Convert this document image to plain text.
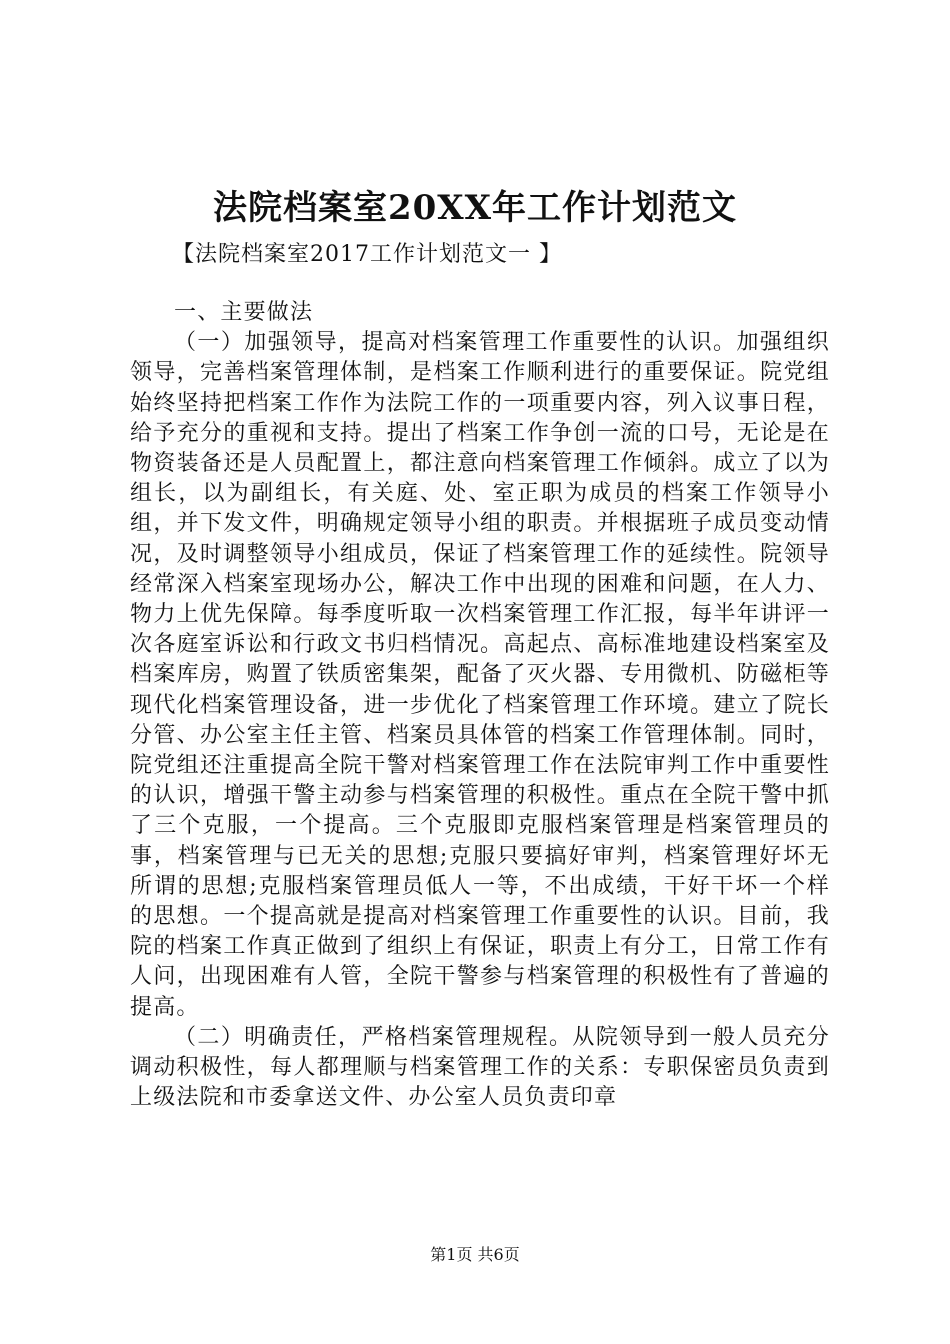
法院档案室20XX年工作计划范文
【法院档案室2017工作计划范文一 】

一、主要做法

（一）加强领导，提高对档案管理工作重要性的认识。加强组织领导，完善档案管理体制，是档案工作顺利进行的重要保证。院党组始终坚持把档案工作作为法院工作的一项重要内容，列入议事日程，给予充分的重视和支持。提出了档案工作争创一流的口号，无论是在物资装备还是人员配置上，都注意向档案管理工作倾斜。成立了以为组长，以为副组长，有关庭、处、室正职为成员的档案工作领导小组，并下发文件，明确规定领导小组的职责。并根据班子成员变动情况，及时调整领导小组成员，保证了档案管理工作的延续性。院领导经常深入档案室现场办公，解决工作中出现的困难和问题，在人力、物力上优先保障。每季度听取一次档案管理工作汇报，每半年讲评一次各庭室诉讼和行政文书归档情况。高起点、高标准地建设档案室及档案库房，购置了铁质密集架，配备了灭火器、专用微机、防磁柜等现代化档案管理设备，进一步优化了档案管理工作环境。建立了院长分管、办公室主任主管、档案员具体管的档案工作管理体制。同时，院党组还注重提高全院干警对档案管理工作在法院审判工作中重要性的认识，增强干警主动参与档案管理的积极性。重点在全院干警中抓了三个克服，一个提高。三个克服即克服档案管理是档案管理员的事，档案管理与已无关的思想;克服只要搞好审判，档案管理好坏无所谓的思想;克服档案管理员低人一等，不出成绩，干好干坏一个样的思想。一个提高就是提高对档案管理工作重要性的认识。目前，我院的档案工作真正做到了组织上有保证，职责上有分工，日常工作有人问，出现困难有人管，全院干警参与档案管理的积极性有了普遍的提高。

（二）明确责任，严格档案管理规程。从院领导到一般人员充分调动积极性，每人都理顺与档案管理工作的关系：专职保密员负责到上级法院和市委拿送文件、办公室人员负责印章

第1页 共6页
